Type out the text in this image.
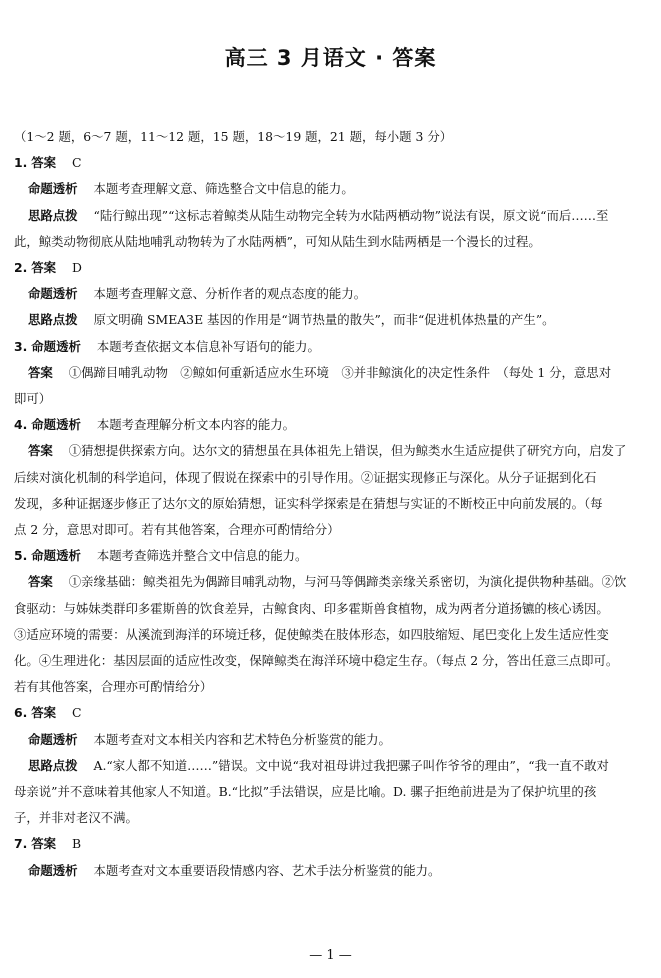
高三 3 月语文 · 答案
（1～2 题，6～7 题，11～12 题，15 题，18～19 题，21 题，每小题 3 分）
1. 答案 C
命题透析 本题考查理解文意、筛选整合文中信息的能力。
思路点拨 “陆行鲸出现”“这标志着鲸类从陆生动物完全转为水陆两栖动物”说法有误，原文说“而后……至
此，鲸类动物彻底从陆地哺乳动物转为了水陆两栖”，可知从陆生到水陆两栖是一个漫长的过程。
2. 答案 D
命题透析 本题考查理解文意、分析作者的观点态度的能力。
思路点拨 原文明确 SMEA3E 基因的作用是“调节热量的散失”，而非“促进机体热量的产生”。
3. 命题透析 本题考查依据文本信息补写语句的能力。
答案 ①偶蹄目哺乳动物　②鲸如何重新适应水生环境　③并非鲸演化的决定性条件　（每处 1 分，意思对
即可）
4. 命题透析 本题考查理解分析文本内容的能力。
答案 ①猜想提供探索方向。达尔文的猜想虽在具体祖先上错误，但为鲸类水生适应提供了研究方向，启发了
后续对演化机制的科学追问，体现了假说在探索中的引导作用。②证据实现修正与深化。从分子证据到化石
发现，多种证据逐步修正了达尔文的原始猜想，证实科学探索是在猜想与实证的不断校正中向前发展的。（每
点 2 分，意思对即可。若有其他答案，合理亦可酌情给分）
5. 命题透析 本题考查筛选并整合文中信息的能力。
答案 ①亲缘基础：鲸类祖先为偶蹄目哺乳动物，与河马等偶蹄类亲缘关系密切，为演化提供物种基础。②饮
食驱动：与姊妹类群印多霍斯兽的饮食差异，古鲸食肉、印多霍斯兽食植物，成为两者分道扬镳的核心诱因。
③适应环境的需要：从溪流到海洋的环境迁移，促使鲸类在肢体形态，如四肢缩短、尾巴变化上发生适应性变
化。④生理进化：基因层面的适应性改变，保障鲸类在海洋环境中稳定生存。（每点 2 分，答出任意三点即可。
若有其他答案，合理亦可酌情给分）
6. 答案 C
命题透析 本题考查对文本相关内容和艺术特色分析鉴赏的能力。
思路点拨 A.“家人都不知道……”错误。文中说“我对祖母讲过我把骡子叫作爷爷的理由”，“我一直不敢对
母亲说”并不意味着其他家人不知道。B.“比拟”手法错误，应是比喻。D. 骡子拒绝前进是为了保护坑里的孩
子，并非对老汉不满。
7. 答案 B
命题透析 本题考查对文本重要语段情感内容、艺术手法分析鉴赏的能力。
— 1 —
